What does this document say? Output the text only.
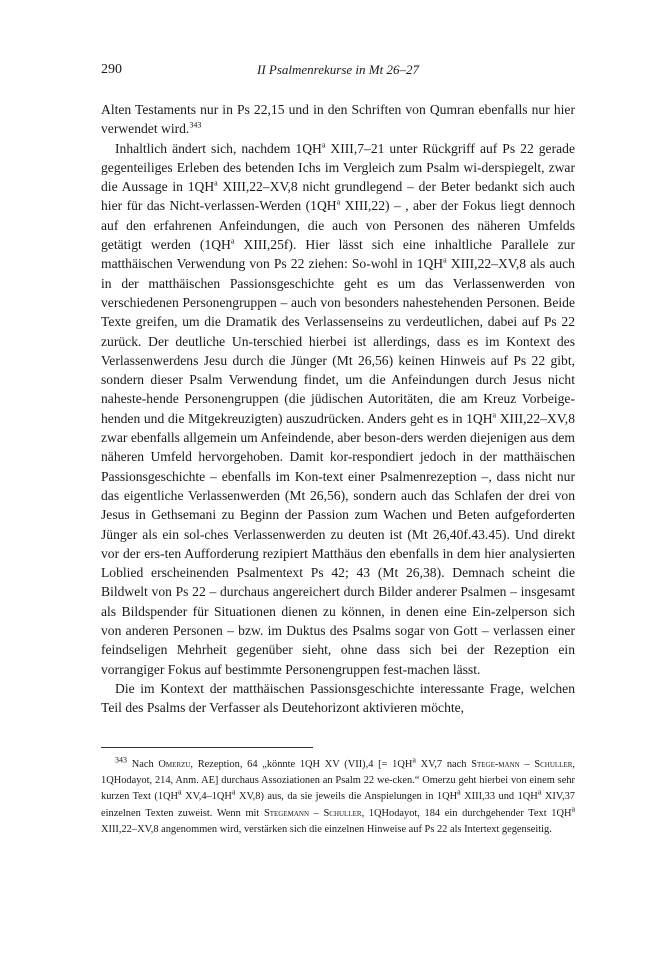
290	II Psalmenrekurse in Mt 26–27

Alten Testaments nur in Ps 22,15 und in den Schriften von Qumran ebenfalls nur hier verwendet wird.$^{343}$

Inhaltlich ändert sich, nachdem $1QH^a$ XIII,7–21 unter Rückgriff auf Ps 22 gerade gegenteiliges Erleben des betenden Ichs im Vergleich zum Psalm wi-derspiegelt, zwar die Aussage in $1QH^a$ XIII,22–XV,8 nicht grundlegend – der Beter bedankt sich auch hier für das Nicht-verlassen-Werden ($1QH^a$ XIII,22) – , aber der Fokus liegt dennoch auf den erfahrenen Anfeindungen, die auch von Personen des näheren Umfelds getätigt werden ($1QH^a$ XIII,25f). Hier lässt sich eine inhaltliche Parallele zur matthäischen Verwendung von Ps 22 ziehen: So-wohl in $1QH^a$ XIII,22–XV,8 als auch in der matthäischen Passionsgeschichte geht es um das Verlassenwerden von verschiedenen Personengruppen – auch von besonders nahestehenden Personen. Beide Texte greifen, um die Dramatik des Verlassenseins zu verdeutlichen, dabei auf Ps 22 zurück. Der deutliche Un-terschied hierbei ist allerdings, dass es im Kontext des Verlassenwerdens Jesu durch die Jünger (Mt 26,56) keinen Hinweis auf Ps 22 gibt, sondern dieser Psalm Verwendung findet, um die Anfeindungen durch Jesus nicht naheste-hende Personengruppen (die jüdischen Autoritäten, die am Kreuz Vorbeige-henden und die Mitgekreuzigten) auszudrücken. Anders geht es in $1QH^a$ XIII,22–XV,8 zwar ebenfalls allgemein um Anfeindende, aber beson-ders werden diejenigen aus dem näheren Umfeld hervorgehoben. Damit kor-respondiert jedoch in der matthäischen Passionsgeschichte – ebenfalls im Kon-text einer Psalmenrezeption –, dass nicht nur das eigentliche Verlassenwerden (Mt 26,56), sondern auch das Schlafen der drei von Jesus in Gethsemani zu Beginn der Passion zum Wachen und Beten aufgeforderten Jünger als ein sol-ches Verlassenwerden zu deuten ist (Mt 26,40f.43.45). Und direkt vor der ers-ten Aufforderung rezipiert Matthäus den ebenfalls in dem hier analysierten Loblied erscheinenden Psalmentext Ps 42; 43 (Mt 26,38). Demnach scheint die Bildwelt von Ps 22 – durchaus angereichert durch Bilder anderer Psalmen – insgesamt als Bildspender für Situationen dienen zu können, in denen eine Ein-zelperson sich von anderen Personen – bzw. im Duktus des Psalms sogar von Gott – verlassen einer feindseligen Mehrheit gegenüber sieht, ohne dass sich bei der Rezeption ein vorrangiger Fokus auf bestimmte Personengruppen fest-machen lässt.

Die im Kontext der matthäischen Passionsgeschichte interessante Frage, welchen Teil des Psalms der Verfasser als Deutehorizont aktivieren möchte,

$^{343}$ Nach Omerzu, Rezeption, 64 „könnte 1QH XV (VII),4 [= $1QH^a$ XV,7 nach Stege-mann – Schuller, 1QHodayot, 214, Anm. AE] durchaus Assoziationen an Psalm 22 we-cken.“ Omerzu geht hierbei von einem sehr kurzen Text ($1QH^a$ $XV,4-1QH^a$ XV,8) aus, da sie jeweils die Anspielungen in $1QH^a$ XIII,33 und $1QH^a$ XIV,37 einzelnen Texten zuweist. Wenn mit Stegemann – Schuller, 1QHodayot, 184 ein durchgehender Text $1QH^a$ XIII,22–XV,8 angenommen wird, verstärken sich die einzelnen Hinweise auf Ps 22 als Intertext gegenseitig.
